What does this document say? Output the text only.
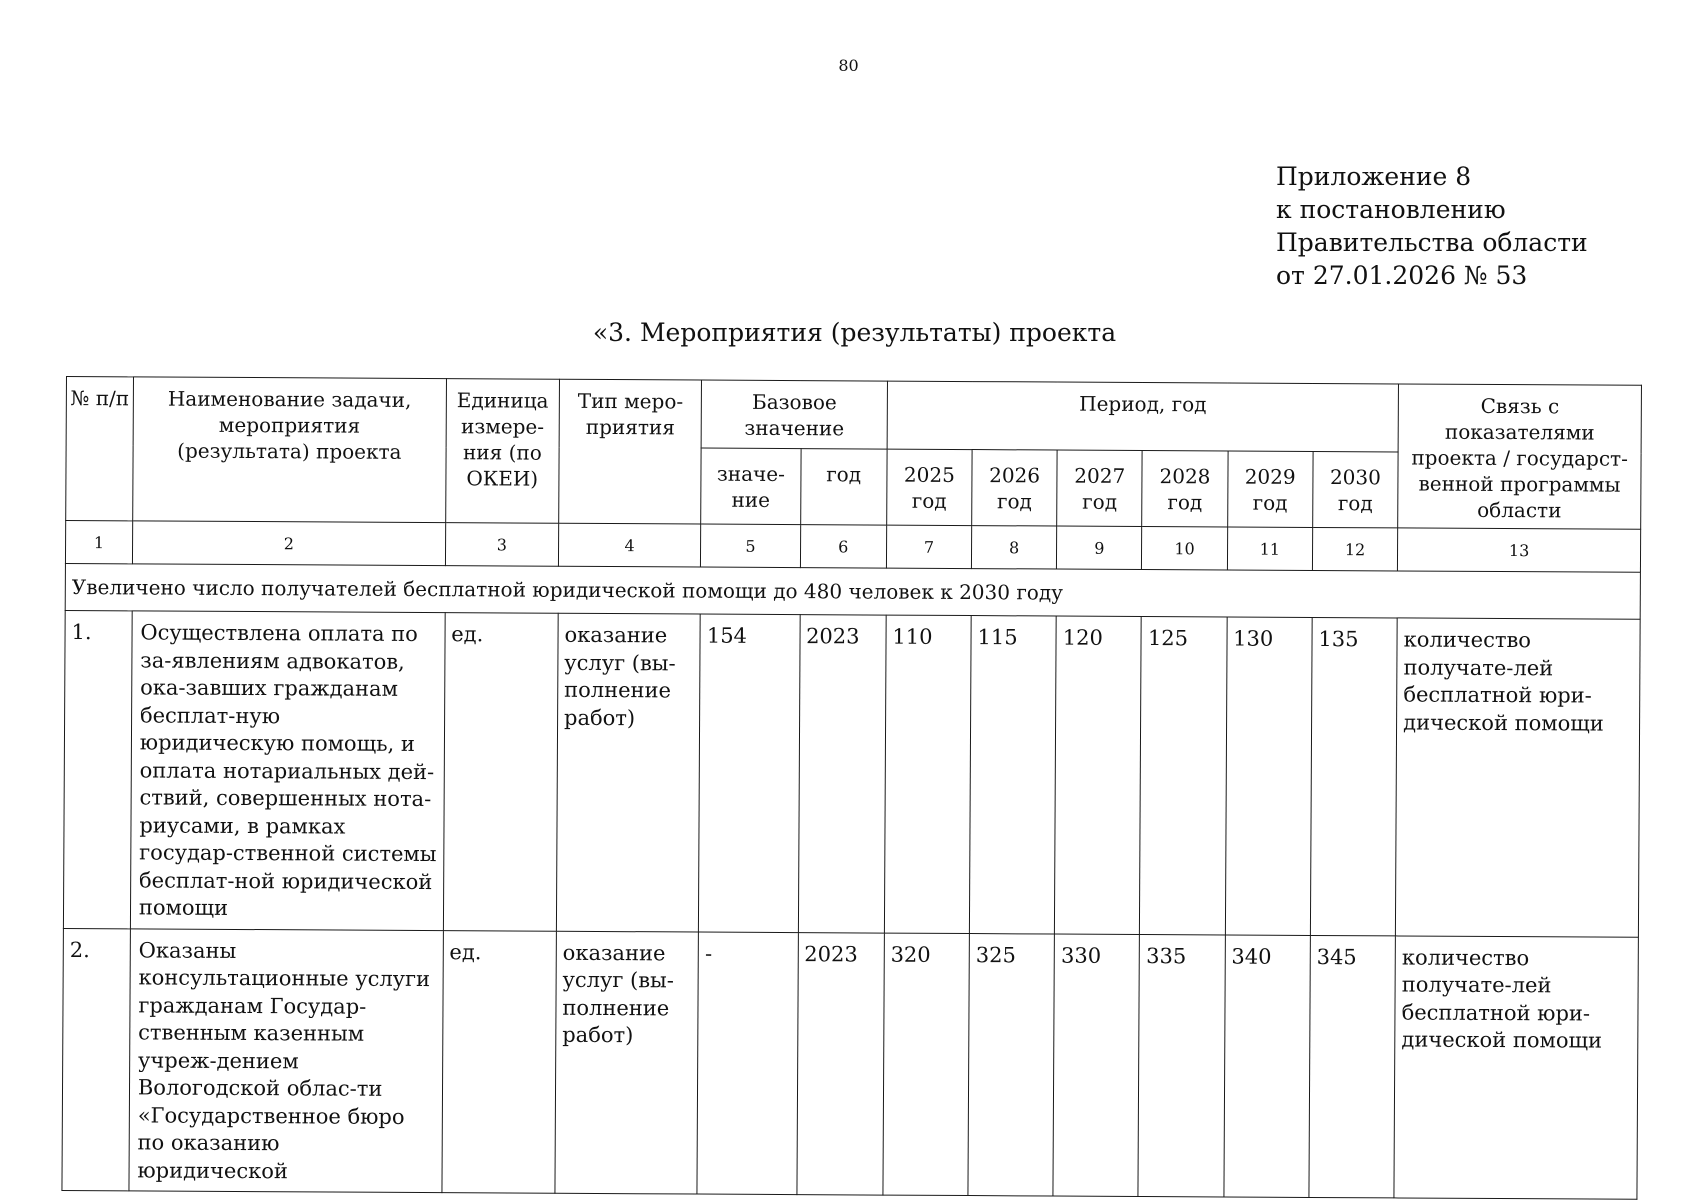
80
Приложение 8
к постановлению
Правительства области
от 27.01.2026 № 53
«3. Мероприятия (результаты) проекта
№ п/п	Наименование задачи, мероприятия (результата) проекта	Единица измере-ния (по ОКЕИ)	Тип меро-приятия	Базовое значение		Период, год						Связь с показателями проекта / государст-венной программы области
				значе-ние	год	2025 год	2026 год	2027 год	2028 год	2029 год	2030 год	
1	2	3	4	5	6	7	8	9	10	11	12	13
Увеличено число получателей бесплатной юридической помощи до 480 человек к 2030 году												
1.	Осуществлена оплата по за-явлениям адвокатов, ока-завших гражданам бесплат-ную юридическую помощь, и оплата нотариальных дей-ствий, совершенных нота-риусами, в рамках государ-ственной системы бесплат-ной юридической помощи	ед.	оказание услуг (вы-полнение работ)	154	2023	110	115	120	125	130	135	количество получате-лей бесплатной юри-дической помощи
2.	Оказаны консультационные услуги гражданам Государ-ственным казенным учреж-дением Вологодской облас-ти «Государственное бюро по оказанию юридической	ед.	оказание услуг (вы-полнение работ)	-	2023	320	325	330	335	340	345	количество получате-лей бесплатной юри-дической помощи
